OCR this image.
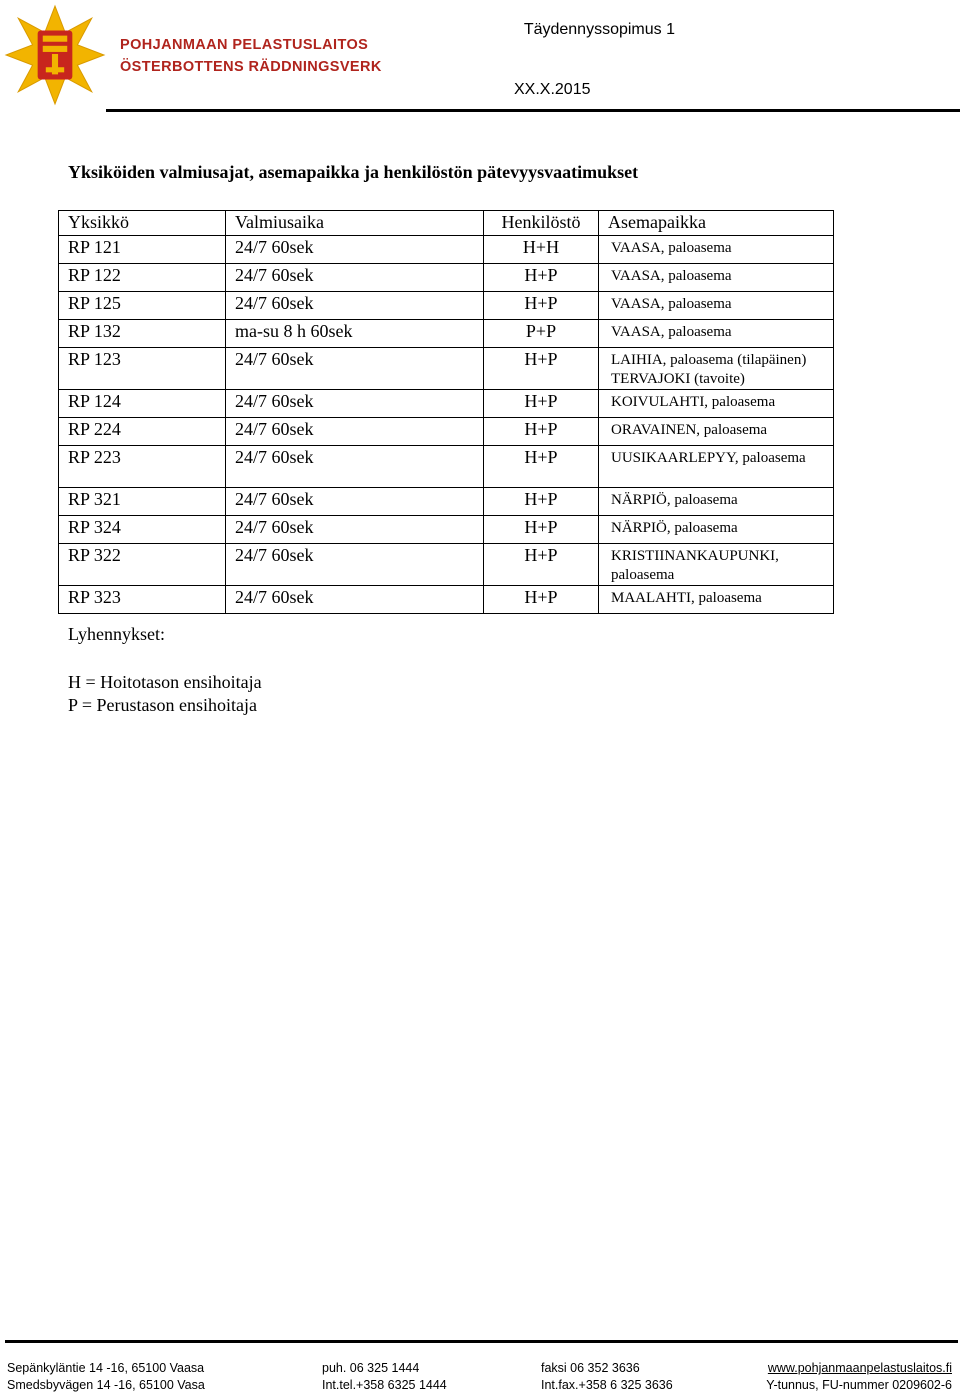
POHJANMAAN PELASTUSLAITOS
ÖSTERBOTTENS RÄDDNINGSVERK
Täydennyssopimus 1
XX.X.2015
Yksiköiden valmiusajat, asemapaikka ja henkilöstön pätevyysvaatimukset
Yksikkö	Valmiusaika	Henkilöstö	Asemapaikka
RP 121	24/7 60sek	H+H	VAASA, paloasema
RP 122	24/7 60sek	H+P	VAASA, paloasema
RP 125	24/7 60sek	H+P	VAASA, paloasema
RP 132	ma-su 8 h 60sek	P+P	VAASA, paloasema
RP 123	24/7 60sek	H+P	LAIHIA, paloasema (tilapäinen) TERVAJOKI (tavoite)
RP 124	24/7 60sek	H+P	KOIVULAHTI, paloasema
RP 224	24/7 60sek	H+P	ORAVAINEN, paloasema
RP 223	24/7 60sek	H+P	UUSIKAARLEPYY, paloasema
RP 321	24/7 60sek	H+P	NÄRPIÖ, paloasema
RP 324	24/7 60sek	H+P	NÄRPIÖ, paloasema
RP 322	24/7 60sek	H+P	KRISTIINANKAUPUNKI, paloasema
RP 323	24/7 60sek	H+P	MAALAHTI, paloasema
Lyhennykset:
H = Hoitotason ensihoitaja
P = Perustason ensihoitaja
Sepänkyläntie 14 -16, 65100 Vaasa
Smedsbyvägen 14 -16, 65100 Vasa
puh. 06 325 1444
Int.tel.+358 6325 1444
faksi 06 352 3636
Int.fax.+358 6 325 3636
www.pohjanmaanpelastuslaitos.fi
Y-tunnus, FU-nummer 0209602-6
